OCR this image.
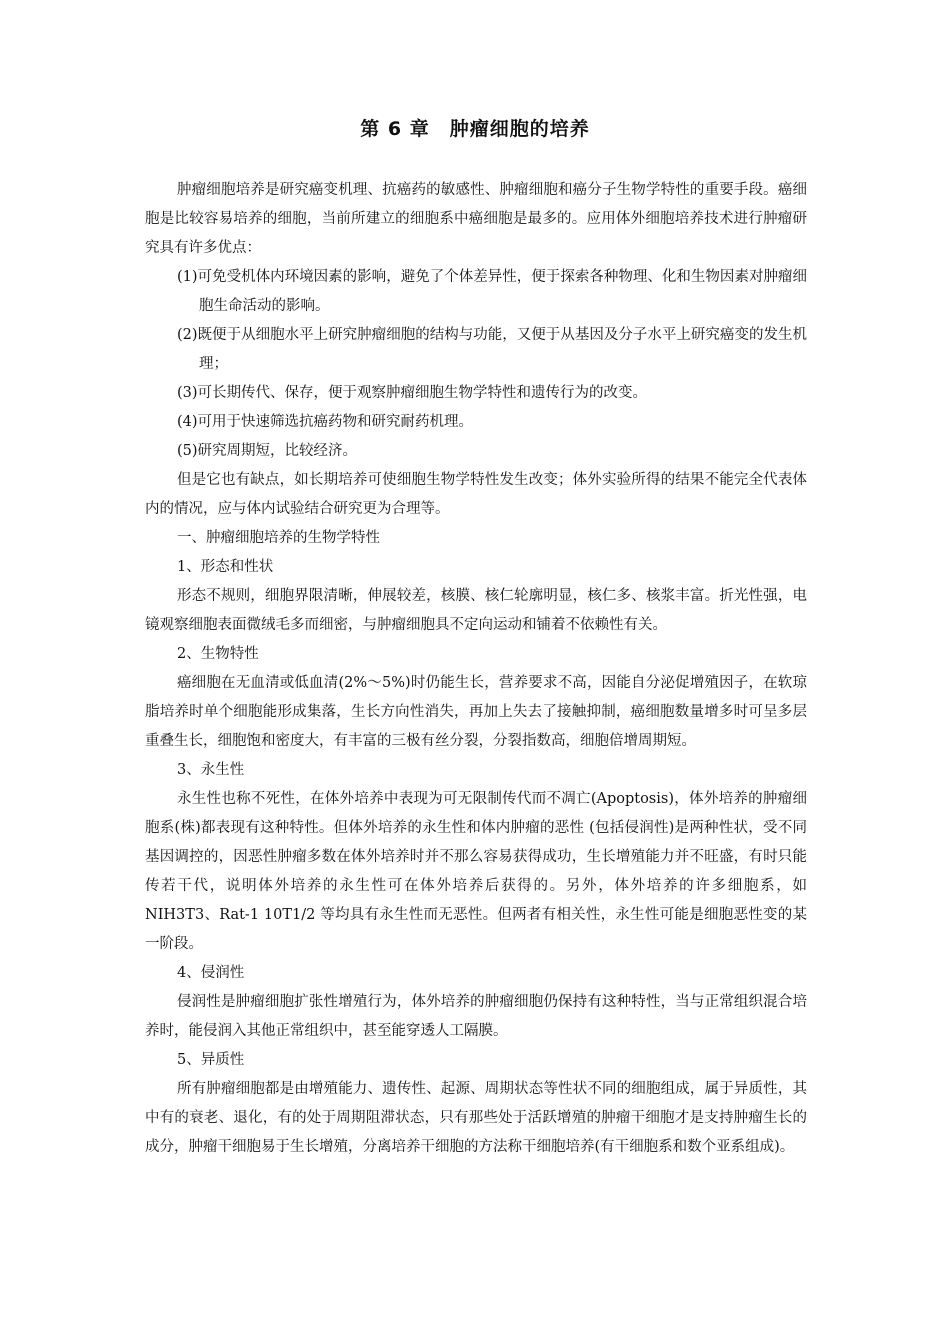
第 6 章　肿瘤细胞的培养

肿瘤细胞培养是研究癌变机理、抗癌药的敏感性、肿瘤细胞和癌分子生物学特性的重要手段。癌细胞是比较容易培养的细胞，当前所建立的细胞系中癌细胞是最多的。应用体外细胞培养技术进行肿瘤研究具有许多优点：

(1)可免受机体内环境因素的影响，避免了个体差异性，便于探索各种物理、化和生物因素对肿瘤细胞生命活动的影响。

(2)既便于从细胞水平上研究肿瘤细胞的结构与功能，又便于从基因及分子水平上研究癌变的发生机理；

(3)可长期传代、保存，便于观察肿瘤细胞生物学特性和遗传行为的改变。

(4)可用于快速筛选抗癌药物和研究耐药机理。

(5)研究周期短，比较经济。

但是它也有缺点，如长期培养可使细胞生物学特性发生改变；体外实验所得的结果不能完全代表体内的情况，应与体内试验结合研究更为合理等。

一、肿瘤细胞培养的生物学特性

1、形态和性状

形态不规则，细胞界限清晰，伸展较差，核膜、核仁轮廓明显，核仁多、核浆丰富。折光性强，电镜观察细胞表面微绒毛多而细密，与肿瘤细胞具不定向运动和铺着不依赖性有关。

2、生物特性

癌细胞在无血清或低血清(2%～5%)时仍能生长，营养要求不高，因能自分泌促增殖因子，在软琼脂培养时单个细胞能形成集落，生长方向性消失，再加上失去了接触抑制，癌细胞数量增多时可呈多层重叠生长，细胞饱和密度大，有丰富的三极有丝分裂，分裂指数高，细胞倍增周期短。

3、永生性

永生性也称不死性，在体外培养中表现为可无限制传代而不凋亡(Apoptosis)，体外培养的肿瘤细胞系(株)都表现有这种特性。但体外培养的永生性和体内肿瘤的恶性 (包括侵润性)是两种性状，受不同基因调控的，因恶性肿瘤多数在体外培养时并不那么容易获得成功，生长增殖能力并不旺盛，有时只能传若干代，说明体外培养的永生性可在体外培养后获得的。另外，体外培养的许多细胞系，如 NIH3T3、Rat-1 10T1/2 等均具有永生性而无恶性。但两者有相关性，永生性可能是细胞恶性变的某一阶段。

4、侵润性

侵润性是肿瘤细胞扩张性增殖行为，体外培养的肿瘤细胞仍保持有这种特性，当与正常组织混合培养时，能侵润入其他正常组织中，甚至能穿透人工隔膜。

5、异质性

所有肿瘤细胞都是由增殖能力、遗传性、起源、周期状态等性状不同的细胞组成，属于异质性，其中有的衰老、退化，有的处于周期阻滞状态，只有那些处于活跃增殖的肿瘤干细胞才是支持肿瘤生长的成分，肿瘤干细胞易于生长增殖，分离培养干细胞的方法称干细胞培养(有干细胞系和数个亚系组成)。
